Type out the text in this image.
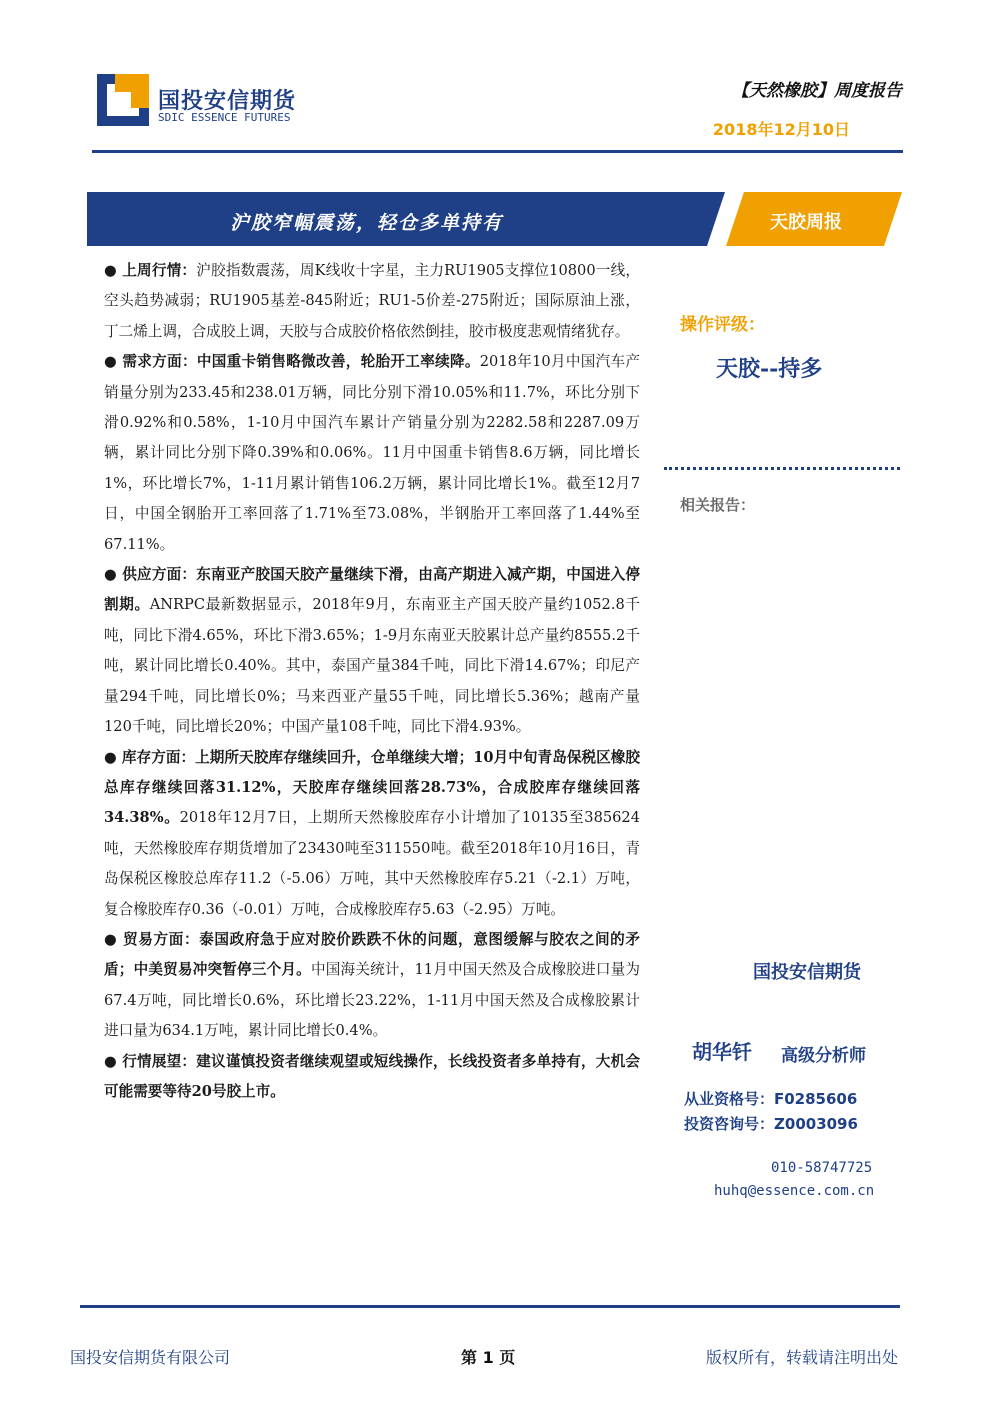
国投安信期货
SDIC ESSENCE FUTURES
【天然橡胶】周度报告
2018年12月10日
沪胶窄幅震荡，轻仓多单持有	天胶周报

● 上周行情：沪胶指数震荡，周K线收十字星，主力RU1905支撑位10800一线，空头趋势减弱；RU1905基差-845附近；RU1-5价差-275附近；国际原油上涨，丁二烯上调，合成胶上调，天胶与合成胶价格依然倒挂，胶市极度悲观情绪犹存。

● 需求方面：中国重卡销售略微改善，轮胎开工率续降。2018年10月中国汽车产销量分别为233.45和238.01万辆，同比分别下滑10.05%和11.7%，环比分别下滑0.92%和0.58%，1-10月中国汽车累计产销量分别为2282.58和2287.09万辆，累计同比分别下降0.39%和0.06%。11月中国重卡销售8.6万辆，同比增长1%，环比增长7%，1-11月累计销售106.2万辆，累计同比增长1%。截至12月7日，中国全钢胎开工率回落了1.71%至73.08%，半钢胎开工率回落了1.44%至67.11%。

● 供应方面：东南亚产胶国天胶产量继续下滑，由高产期进入减产期，中国进入停割期。ANRPC最新数据显示，2018年9月，东南亚主产国天胶产量约1052.8千吨，同比下滑4.65%，环比下滑3.65%；1-9月东南亚天胶累计总产量约8555.2千吨，累计同比增长0.40%。其中，泰国产量384千吨，同比下滑14.67%；印尼产量294千吨，同比增长0%；马来西亚产量55千吨，同比增长5.36%；越南产量120千吨，同比增长20%；中国产量108千吨，同比下滑4.93%。

● 库存方面：上期所天胶库存继续回升，仓单继续大增；10月中旬青岛保税区橡胶总库存继续回落31.12%，天胶库存继续回落28.73%，合成胶库存继续回落34.38%。2018年12月7日，上期所天然橡胶库存小计增加了10135至385624吨，天然橡胶库存期货增加了23430吨至311550吨。截至2018年10月16日，青岛保税区橡胶总库存11.2（-5.06）万吨，其中天然橡胶库存5.21（-2.1）万吨，复合橡胶库存0.36（-0.01）万吨，合成橡胶库存5.63（-2.95）万吨。

● 贸易方面：泰国政府急于应对胶价跌跌不休的问题，意图缓解与胶农之间的矛盾；中美贸易冲突暂停三个月。中国海关统计，11月中国天然及合成橡胶进口量为67.4万吨，同比增长0.6%，环比增长23.22%，1-11月中国天然及合成橡胶累计进口量为634.1万吨，累计同比增长0.4%。

● 行情展望：建议谨慎投资者继续观望或短线操作，长线投资者多单持有，大机会可能需要等待20号胶上市。

操作评级：
天胶--持多
相关报告：
国投安信期货
胡华钎 高级分析师
从业资格号：F0285606
投资咨询号：Z0003096
010-58747725
huhq@essence.com.cn
国投安信期货有限公司	第 1 页	版权所有，转载请注明出处
